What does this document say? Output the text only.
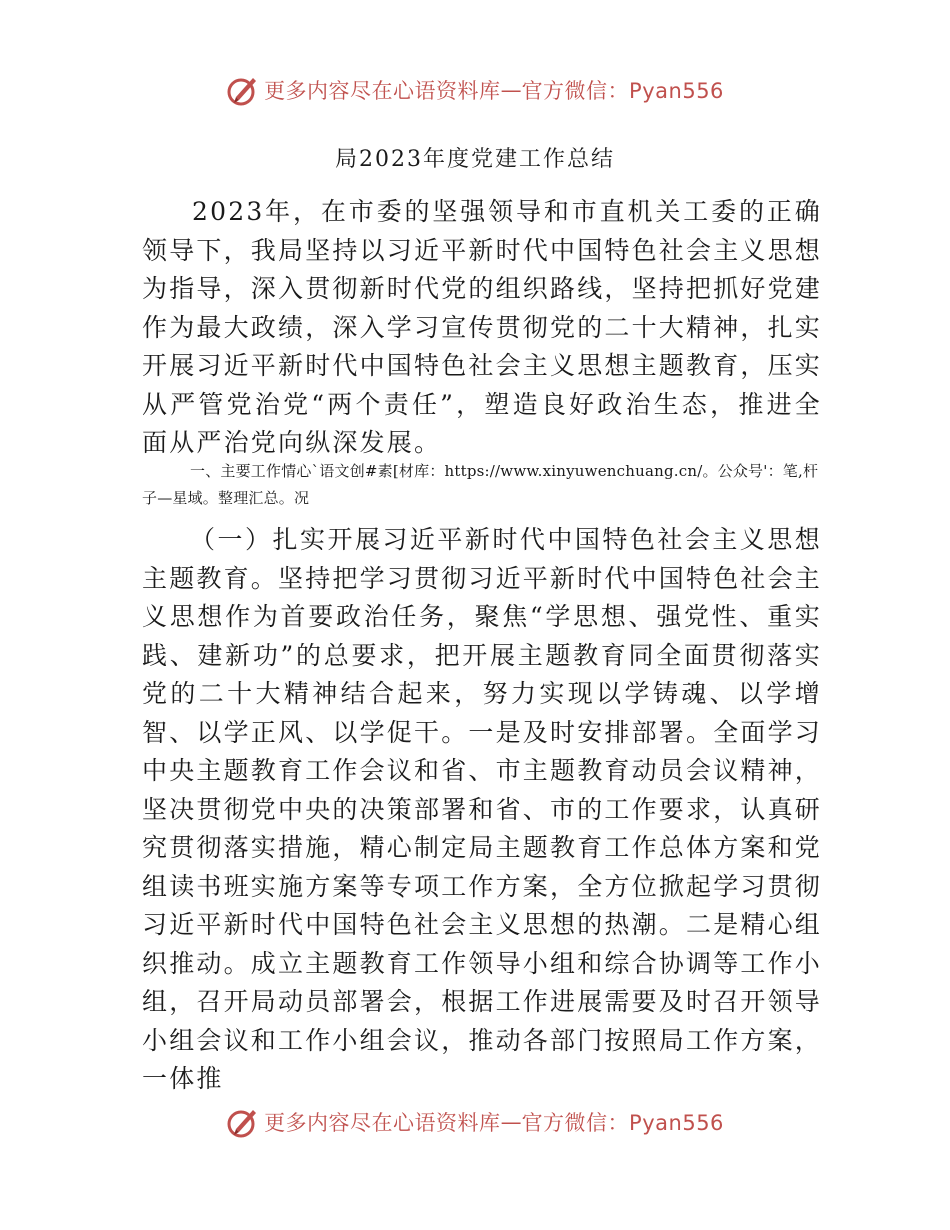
更多内容尽在心语资料库 — 官方微信：Pyan556
局2023年度党建工作总结
2023年，在市委的坚强领导和市直机关工委的正确领导下，我局坚持以习近平新时代中国特色社会主义思想为指导，深入贯彻新时代党的组织路线，坚持把抓好党建作为最大政绩，深入学习宣传贯彻党的二十大精神，扎实开展习近平新时代中国特色社会主义思想主题教育，压实从严管党治党“两个责任”，塑造良好政治生态，推进全面从严治党向纵深发展。
一、主要工作情心`语文创#素[材库：https://www.xinyuwenchuang.cn/。公众号'：笔,杆子—星域。整理汇总。况
（一）扎实开展习近平新时代中国特色社会主义思想主题教育。坚持把学习贯彻习近平新时代中国特色社会主义思想作为首要政治任务，聚焦“学思想、强党性、重实践、建新功”的总要求，把开展主题教育同全面贯彻落实党的二十大精神结合起来，努力实现以学铸魂、以学增智、以学正风、以学促干。一是及时安排部署。全面学习中央主题教育工作会议和省、市主题教育动员会议精神，坚决贯彻党中央的决策部署和省、市的工作要求，认真研究贯彻落实措施，精心制定局主题教育工作总体方案和党组读书班实施方案等专项工作方案，全方位掀起学习贯彻习近平新时代中国特色社会主义思想的热潮。二是精心组织推动。成立主题教育工作领导小组和综合协调等工作小组，召开局动员部署会，根据工作进展需要及时召开领导小组会议和工作小组会议，推动各部门按照局工作方案，一体推
更多内容尽在心语资料库 — 官方微信：Pyan556
